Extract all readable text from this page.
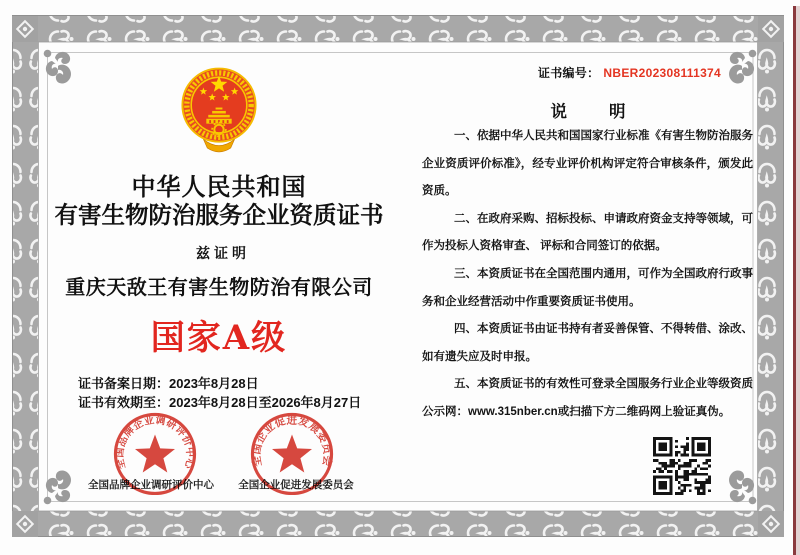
中华人民共和国
有害生物防治服务企业资质证书
兹证明
重庆天敌王有害生物防治有限公司
国家A级
证书备案日期：2023年8月28日
证书有效期至：2023年8月28日至2026年8月27日
全国品牌企业调研评价中心	全国企业促进发展委员会
全国品牌企业调研评价中心	全国企业促进发展委员会
证书编号： NBER202308111374
说明

一、依据中华人民共和国国家行业标准《有害生物防治服务企业资质评价标准》，经专业评价机构评定符合审核条件，颁发此资质。

二、在政府采购、招标投标、申请政府资金支持等领域，可作为投标人资格审查、 评标和合同签订的依据。

三、本资质证书在全国范围内通用，可作为全国政府行政事务和企业经营活动中作重要资质证书使用。

四、本资质证书由证书持有者妥善保管、不得转借、涂改、如有遗失应及时申报。

五、本资质证书的有效性可登录全国服务行业企业等级资质公示网：www.315nber.cn或扫描下方二维码网上验证真伪。
